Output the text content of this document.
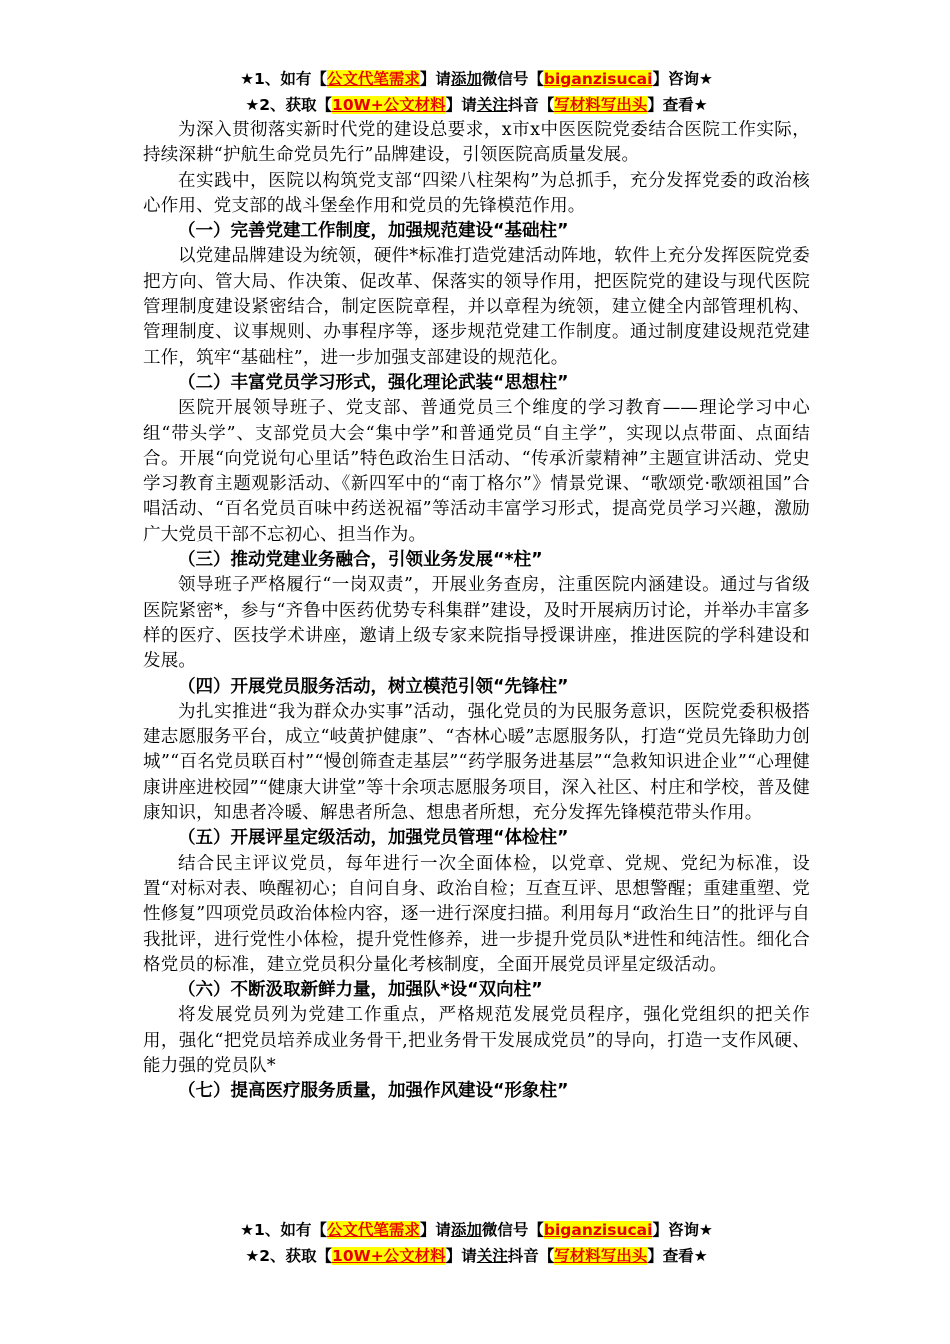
★1、如有【公文代笔需求】请添加微信号【biganzisucai】咨询★
★2、获取【10W+公文材料】请关注抖音【写材料写出头】查看★

为深入贯彻落实新时代党的建设总要求，x市x中医医院党委结合医院工作实际，持续深耕“护航生命党员先行”品牌建设，引领医院高质量发展。

在实践中，医院以构筑党支部“四梁八柱架构”为总抓手，充分发挥党委的政治核心作用、党支部的战斗堡垒作用和党员的先锋模范作用。

（一）完善党建工作制度，加强规范建设“基础柱”

以党建品牌建设为统领，硬件*标准打造党建活动阵地，软件上充分发挥医院党委把方向、管大局、作决策、促改革、保落实的领导作用，把医院党的建设与现代医院管理制度建设紧密结合，制定医院章程，并以章程为统领，建立健全内部管理机构、管理制度、议事规则、办事程序等，逐步规范党建工作制度。通过制度建设规范党建工作，筑牢“基础柱”，进一步加强支部建设的规范化。

（二）丰富党员学习形式，强化理论武装“思想柱”

医院开展领导班子、党支部、普通党员三个维度的学习教育——理论学习中心组“带头学”、支部党员大会“集中学”和普通党员“自主学”，实现以点带面、点面结合。开展“向党说句心里话”特色政治生日活动、“传承沂蒙精神”主题宣讲活动、党史学习教育主题观影活动、《新四军中的“南丁格尔”》情景党课、“歌颂党·歌颂祖国”合唱活动、“百名党员百味中药送祝福”等活动丰富学习形式，提高党员学习兴趣，激励广大党员干部不忘初心、担当作为。

（三）推动党建业务融合，引领业务发展“*柱”

领导班子严格履行“一岗双责”，开展业务查房，注重医院内涵建设。通过与省级医院紧密*，参与“齐鲁中医药优势专科集群”建设，及时开展病历讨论，并举办丰富多样的医疗、医技学术讲座，邀请上级专家来院指导授课讲座，推进医院的学科建设和发展。

（四）开展党员服务活动，树立模范引领“先锋柱”

为扎实推进“我为群众办实事”活动，强化党员的为民服务意识，医院党委积极搭建志愿服务平台，成立“岐黄护健康”、“杏林心暖”志愿服务队，打造“党员先锋助力创城”“百名党员联百村”“慢创筛查走基层”“药学服务进基层”“急救知识进企业”“心理健康讲座进校园”“健康大讲堂”等十余项志愿服务项目，深入社区、村庄和学校，普及健康知识，知患者冷暖、解患者所急、想患者所想，充分发挥先锋模范带头作用。

（五）开展评星定级活动，加强党员管理“体检柱”

结合民主评议党员，每年进行一次全面体检，以党章、党规、党纪为标准，设置“对标对表、唤醒初心；自问自身、政治自检；互查互评、思想警醒；重建重塑、党性修复”四项党员政治体检内容，逐一进行深度扫描。利用每月“政治生日”的批评与自我批评，进行党性小体检，提升党性修养，进一步提升党员队*进性和纯洁性。细化合格党员的标准，建立党员积分量化考核制度，全面开展党员评星定级活动。

（六）不断汲取新鲜力量，加强队*设“双向柱”

将发展党员列为党建工作重点，严格规范发展党员程序，强化党组织的把关作用，强化“把党员培养成业务骨干,把业务骨干发展成党员”的导向，打造一支作风硬、能力强的党员队*

（七）提高医疗服务质量，加强作风建设“形象柱”

★1、如有【公文代笔需求】请添加微信号【biganzisucai】咨询★
★2、获取【10W+公文材料】请关注抖音【写材料写出头】查看★
